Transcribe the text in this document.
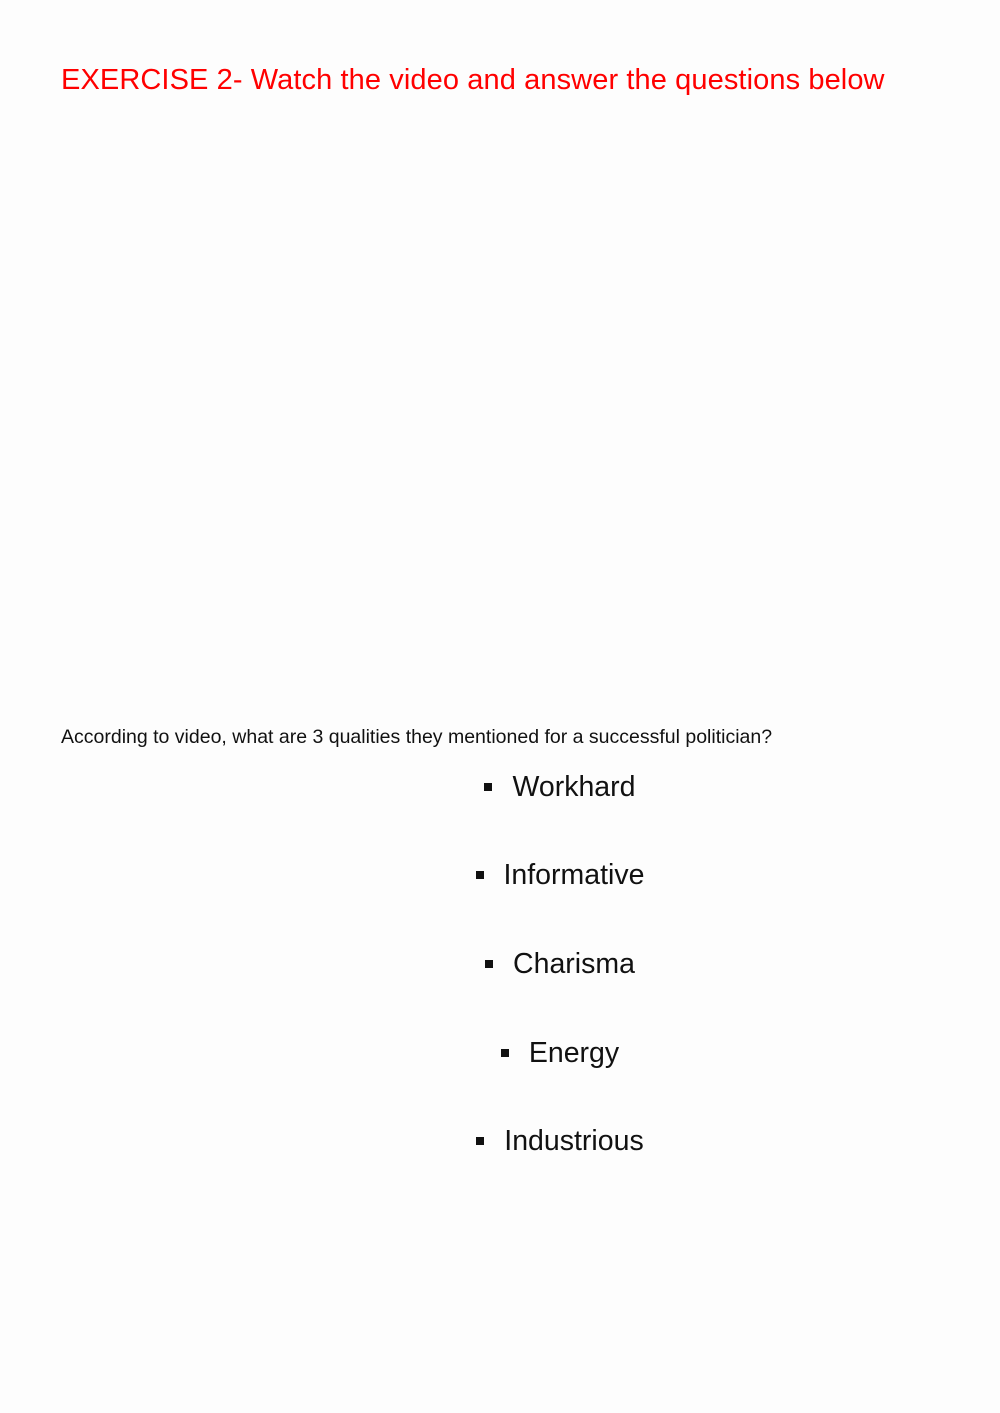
EXERCISE 2- Watch the video and answer the questions below
According to video, what are 3 qualities they mentioned for a successful politician?
Workhard
Informative
Charisma
Energy
Industrious
